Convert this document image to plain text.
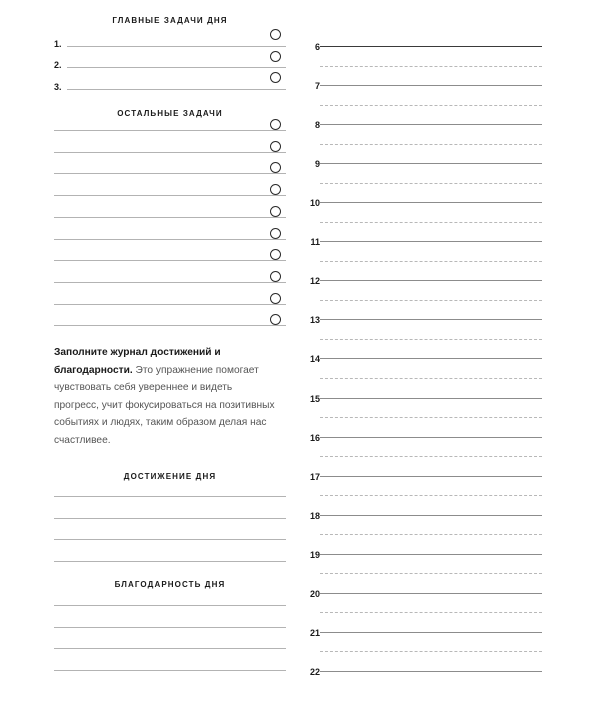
ГЛАВНЫЕ ЗАДАЧИ ДНЯ
1.
2.
3.
ОСТАЛЬНЫЕ ЗАДАЧИ

Заполните журнал достижений и благодарности. Это упражнение помогает чувствовать себя увереннее и видеть прогресс, учит фокусироваться на позитивных событиях и людях, таким образом делая нас счастливее.

ДОСТИЖЕНИЕ ДНЯ
БЛАГОДАРНОСТЬ ДНЯ
6
7
8
9
10
11
12
13
14
15
16
17
18
19
20
21
22
